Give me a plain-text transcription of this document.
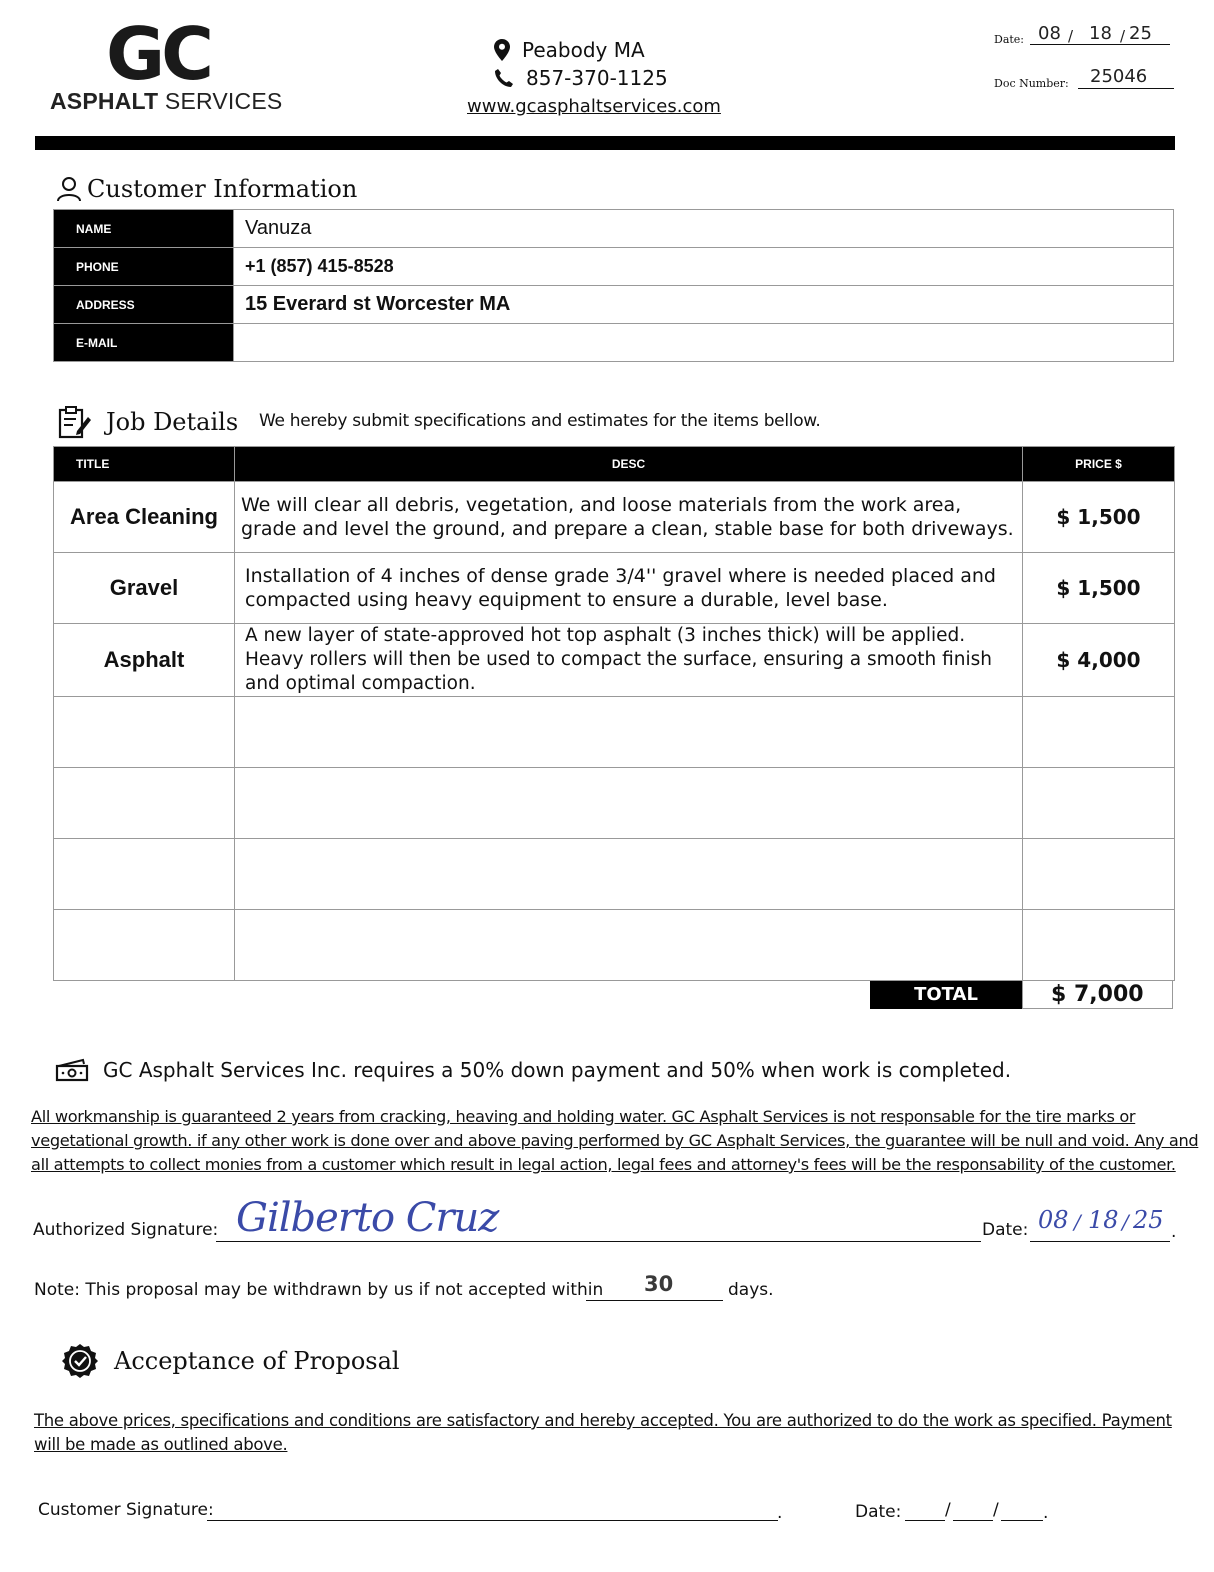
GC
ASPHALT SERVICES
Peabody MA
857-370-1125
www.gcasphaltservices.com
Date: 08 / 18 / 25
Doc Number: 25046
Customer Information
NAME	Vanuza
PHONE	+1 (857) 415-8528
ADDRESS	15 Everard st Worcester MA
E-MAIL	
Job Details We hereby submit specifications and estimates for the items bellow.
TITLE	DESC	PRICE $
Area Cleaning	We will clear all debris, vegetation, and loose materials from the work area, grade and level the ground, and prepare a clean, stable base for both driveways.	$ 1,500
Gravel	Installation of 4 inches of dense grade 3/4'' gravel where is needed placed and compacted using heavy equipment to ensure a durable, level base.	$ 1,500
Asphalt	A new layer of state-approved hot top asphalt (3 inches thick) will be applied. Heavy rollers will then be used to compact the surface, ensuring a smooth finish and optimal compaction.	$ 4,000

TOTAL	$ 7,000
GC Asphalt Services Inc. requires a 50% down payment and 50% when work is completed.
All workmanship is guaranteed 2 years from cracking, heaving and holding water. GC Asphalt Services is not responsable for the tire marks or vegetational growth. if any other work is done over and above paving performed by GC Asphalt Services, the guarantee will be null and void. Any and all attempts to collect monies from a customer which result in legal action, legal fees and attorney's fees will be the responsability of the customer.
Authorized Signature: Gilberto Cruz	Date: 08 / 18 / 25 .
Note: This proposal may be withdrawn by us if not accepted within 30	days.
Acceptance of Proposal
The above prices, specifications and conditions are satisfactory and hereby accepted. You are authorized to do the work as specified. Payment will be made as outlined above.
Customer Signature:	.	Date:	/ /	.
